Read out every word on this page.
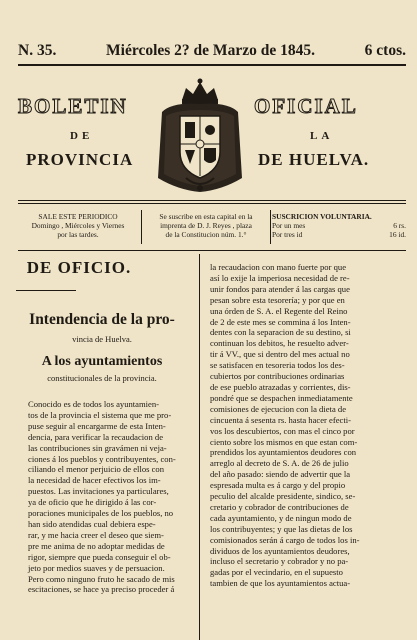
N. 35.	Miércoles 2? de Marzo de 1845.	6 ctos.
BOLETIN	OFICIAL
DE	LA
PROVINCIA	DE HUELVA.
SALE ESTE PERIODICO
Domingo , Miércoles y Viernes
por las tardes.
Se suscribe en esta capital en la
imprenta de D. J. Reyes , plaza
de la Constitucion núm. 1.°
SUSCRICION VOLUNTARIA.
Por un mes	6 rs.
Por tres id	16 id.
DE OFICIO.
Intendencia de la pro-
vincia de Huelva.
A los ayuntamientos
constitucionales de la provincia.
Conocido es de todos los ayuntamien-
tos de la provincia el sistema que me pro-
puse seguir al encargarme de esta Inten-
dencia, para verificar la recaudacion de
las contribuciones sin gravámen ni veja-
ciones á los pueblos y contribuyentes, con-
ciliando el menor perjuicio de ellos con
la necesidad de hacer efectivos los im-
puestos. Las invitaciones ya particulares,
ya de oficio que he dirigido á las cor-
poraciones municipales de los pueblos, no
han sido atendidas cual debiera espe-
rar, y me hacia creer el deseo que siem-
pre me anima de no adoptar medidas de
rigor, siempre que pueda conseguir el ob-
jeto por medios suaves y de persuacion.
Pero como ninguno fruto he sacado de mis
escitaciones, se hace ya preciso proceder á
la recaudacion con mano fuerte por que
así lo exije la imperiosa necesidad de re-
unir fondos para atender á las cargas que
pesan sobre esta tesorería; y por que en
una órden de S. A. el Regente del Reino
de 2 de este mes se commina á los Inten-
dentes con la separacion de su destino, si
continuan los debitos, he resuelto adver-
tir á VV., que si dentro del mes actual no
se satisfacen en tesoreria todos los des-
cubiertos por contribuciones ordinarias
de ese pueblo atrazadas y corrientes, dis-
pondré que se despachen inmediatamente
comisiones de ejecucion con la dieta de
cincuenta á sesenta rs. hasta hacer efecti-
vos los descubiertos, con mas el cinco por
ciento sobre los mismos en que estan com-
prendidos los ayuntamientos deudores con
arreglo al decreto de S. A. de 26 de julio
del año pasado: siendo de advertir que la
espresada multa es á cargo y del propio
peculio del alcalde presidente, sindico, se-
cretario y cobrador de contribuciones de
cada ayuntamiento, y de ningun modo de
los contribuyentes; y que las dietas de los
comisionados serán á cargo de todos los in-
dividuos de los ayuntamientos deudores,
incluso el secretario y cobrador y no pa-
gadas por el vecindario, en el supuesto
tambien de que los ayuntamientos actua-
